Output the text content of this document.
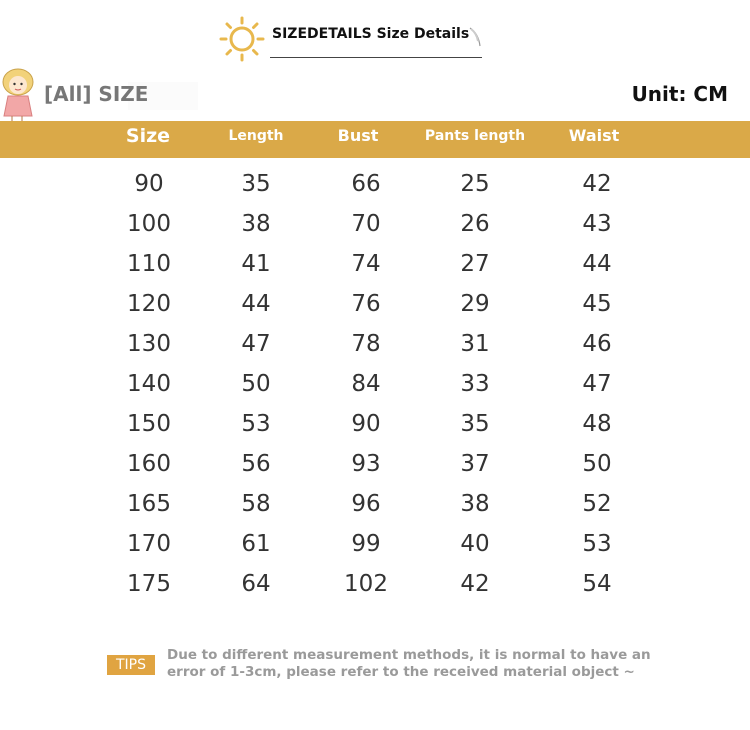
SIZEDETAILS Size Details
[All] SIZE	Unit: CM
Size	Length	Bust	Pants length	Waist
90	35	66	25	42
100	38	70	26	43
110	41	74	27	44
120	44	76	29	45
130	47	78	31	46
140	50	84	33	47
150	53	90	35	48
160	56	93	37	50
165	58	96	38	52
170	61	99	40	53
175	64	102	42	54
TIPS
Due to different measurement methods, it is normal to have an error of 1-3cm, please refer to the received material object ~
